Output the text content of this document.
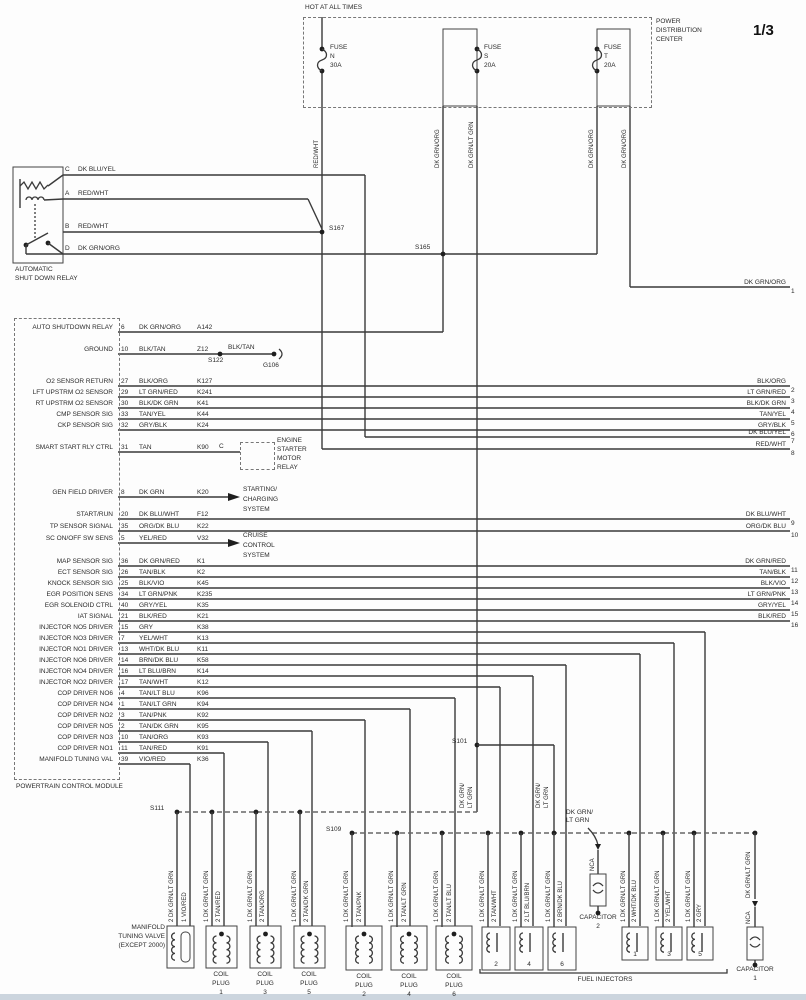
HOT AT ALL TIMES
POWER
DISTRIBUTION
CENTER
1/3
AUTOMATIC
SHUT DOWN RELAY
S167
S165
S122
G106
S101
S111
S109
BLK/TAN
POWERTRAIN CONTROL MODULE
C
ENGINE
STARTER
MOTOR
RELAY
STARTING/
CHARGING
SYSTEM
CRUISE
CONTROL
SYSTEM
DK GRN/ LT GRN	DK GRN/ LT GRN
DK GRN/
LT GRN
NCA
CAPACITOR
2
DK GRN/LT GRN
NCA
CAPACITOR
1
MANIFOLD
TUNING VALVE
(EXCEPT 2000)
FUEL INJECTORS
FUSE
N
30A
FUSE
S
20A
FUSE
T
20A
RED/WHT	DK GRN/ORG	DK GRN/LT GRN	DK GRN/ORG	DK GRN/ORG
C DK BLU/YEL
A RED/WHT
B RED/WHT
D DK GRN/ORG
AUTO SHUTDOWN RELAY 6 DK GRN/ORG A142
GROUND 10 BLK/TAN	Z12
O2 SENSOR RETURN 27 BLK/ORG	K127
LFT UPSTRM O2 SENSOR 29 LT GRN/RED	K241
RT UPSTRM O2 SENSOR 30 BLK/DK GRN	K41
CMP SENSOR SIG 33 TAN/YEL	K44
CKP SENSOR SIG 32 GRY/BLK	K24
SMART START RLY CTRL 31 TAN	K90
GEN FIELD DRIVER 8 DK GRN	K20
START/RUN 20 DK BLU/WHT	F12
TP SENSOR SIGNAL 35 ORG/DK BLU	K22
SC ON/OFF SW SENS 5 YEL/RED	V32
MAP SENSOR SIG 36 DK GRN/RED	K1
ECT SENSOR SIG 26 TAN/BLK	K2
KNOCK SENSOR SIG 25 BLK/VIO	K45
EGR POSITION SENS 34 LT GRN/PNK	K235
EGR SOLENOID CTRL 40 GRY/YEL	K35
IAT SIGNAL 21 BLK/RED	K21
INJECTOR NO5 DRIVER 15 GRY	K38
INJECTOR NO3 DRIVER 7 YEL/WHT	K13
INJECTOR NO1 DRIVER 13 WHT/DK BLU	K11
INJECTOR NO6 DRIVER 14 BRN/DK BLU	K58
INJECTOR NO4 DRIVER 16 LT BLU/BRN	K14
INJECTOR NO2 DRIVER 17 TAN/WHT	K12
COP DRIVER NO6 4 TAN/LT BLU	K96
COP DRIVER NO4 1 TAN/LT GRN	K94
COP DRIVER NO2 3 TAN/PNK	K92
COP DRIVER NO5 2 TAN/DK GRN	K95
COP DRIVER NO3 10 TAN/ORG	K93
COP DRIVER NO1 11 TAN/RED	K91
MANIFOLD TUNING VAL 39 VIO/RED	K36
DK GRN/ORG
1
BLK/ORG
2
LT GRN/RED
3
BLK/DK GRN
4
TAN/YEL
5
GRY/BLK
6
DK BLU/YEL
7
RED/WHT
8
DK BLU/WHT
9
ORG/DK BLU
10
DK GRN/RED
11
TAN/BLK
12
BLK/VIO
13
LT GRN/PNK
14
GRY/YEL
15
BLK/RED
16
2 DK GRN/LT GRN 1 VIO/RED	1 DK GRN/LT GRN 2 TAN/RED
COIL
PLUG
1
1 DK GRN/LT GRN 2 TAN/ORG
COIL
PLUG
3
1 DK GRN/LT GRN 2 TAN/DK GRN
COIL
PLUG
5
1 DK GRN/LT GRN 2 TAN/PNK
COIL
PLUG
2
1 DK GRN/LT GRN 2 TAN/LT GRN
COIL
PLUG
4
1 DK GRN/LT GRN 2 TAN/LT BLU
COIL
PLUG
6
1 DK GRN/LT GRN 2 TAN/WHT
2
1 DK GRN/LT GRN 2 LT BLU/BRN
4
1 DK GRN/LT GRN 2 BRN/DK BLU
6
1 DK GRN/LT GRN 2 WHT/DK BLU
1
1 DK GRN/LT GRN 2 YEL/WHT
3
1 DK GRN/LT GRN 2 GRY
5
